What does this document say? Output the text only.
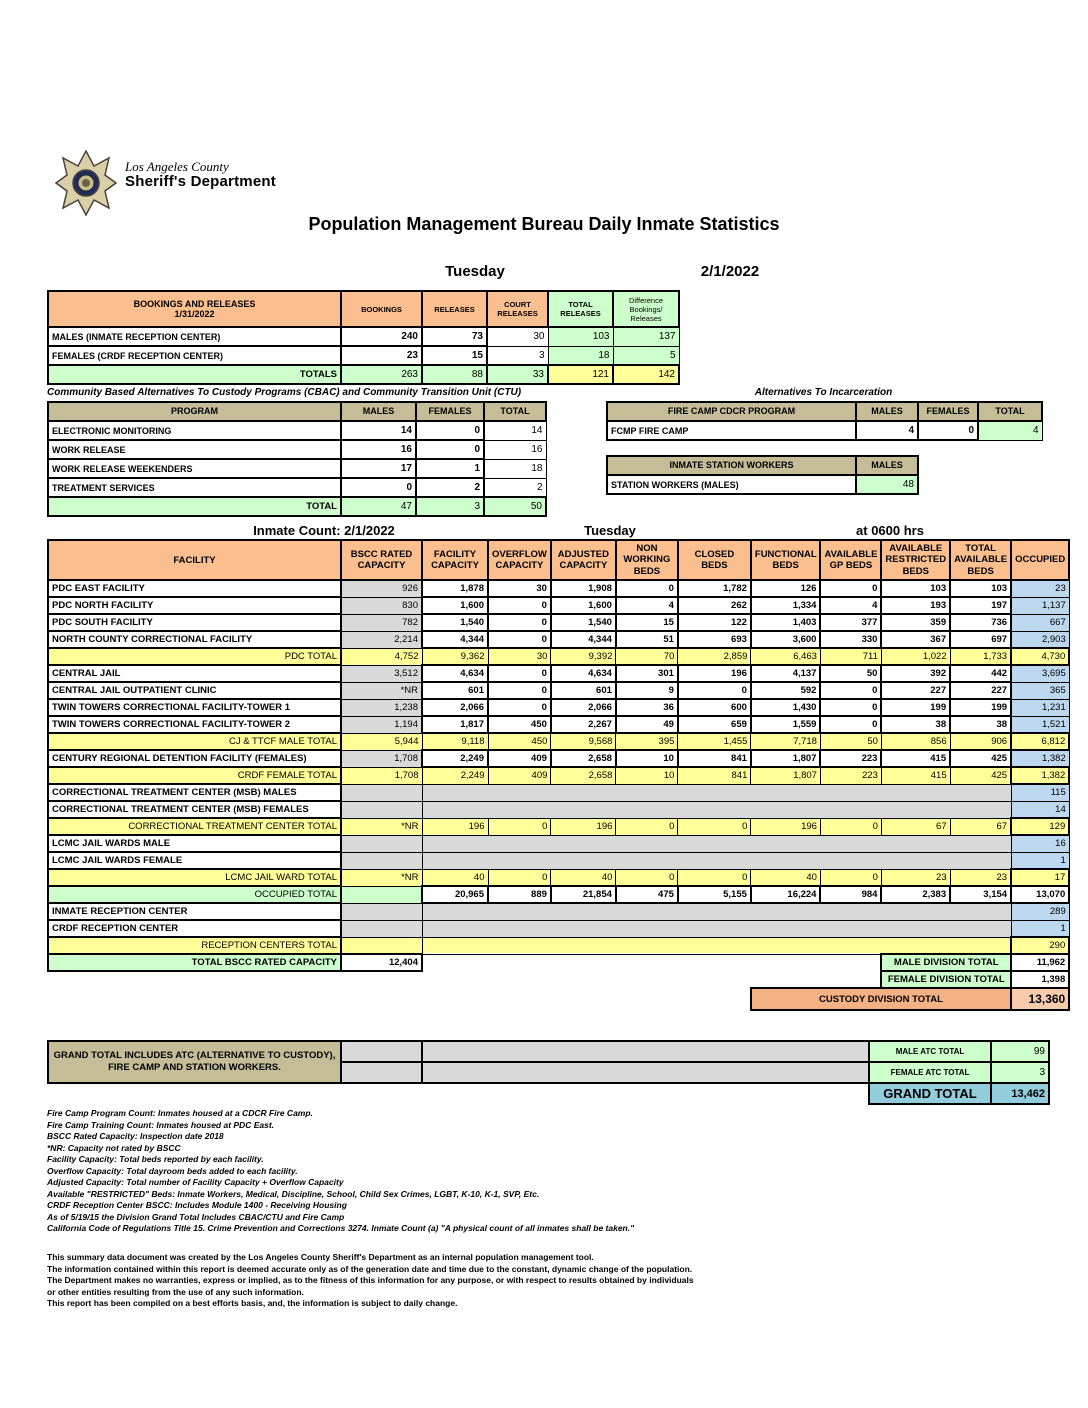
Los Angeles County
Sheriff's Department
Population Management Bureau Daily Inmate Statistics
Tuesday	2/1/2022
BOOKINGS AND RELEASES
1/31/2022	BOOKINGS	RELEASES	COURT RELEASES	TOTAL RELEASES	Difference Bookings/ Releases
MALES (INMATE RECEPTION CENTER)	240	73	30	103	137
FEMALES (CRDF RECEPTION CENTER)	23	15	3	18	5
TOTALS	263	88	33	121	142
Community Based Alternatives To Custody Programs (CBAC) and Community Transition Unit (CTU)
PROGRAM	MALES	FEMALES	TOTAL
ELECTRONIC MONITORING	14	0	14
WORK RELEASE	16	0	16
WORK RELEASE WEEKENDERS	17	1	18
TREATMENT SERVICES	0	2	2
TOTAL	47	3	50
Alternatives To Incarceration
FIRE CAMP CDCR PROGRAM	MALES	FEMALES	TOTAL
FCMP FIRE CAMP	4	0	4
INMATE STATION WORKERS	MALES
STATION WORKERS (MALES)	48
Inmate Count: 2/1/2022	Tuesday	at 0600 hrs
FACILITY	BSCC RATED CAPACITY	FACILITY CAPACITY	OVERFLOW CAPACITY	ADJUSTED CAPACITY	NON WORKING BEDS	CLOSED BEDS	FUNCTIONAL BEDS	AVAILABLE GP BEDS	AVAILABLE RESTRICTED BEDS	TOTAL AVAILABLE BEDS	OCCUPIED
PDC EAST FACILITY	926	1,878	30	1,908	0	1,782	126	0	103	103	23
PDC NORTH FACILITY	830	1,600	0	1,600	4	262	1,334	4	193	197	1,137
PDC SOUTH FACILITY	782	1,540	0	1,540	15	122	1,403	377	359	736	667
NORTH COUNTY CORRECTIONAL FACILITY	2,214	4,344	0	4,344	51	693	3,600	330	367	697	2,903
PDC TOTAL	4,752	9,362	30	9,392	70	2,859	6,463	711	1,022	1,733	4,730
CENTRAL JAIL	3,512	4,634	0	4,634	301	196	4,137	50	392	442	3,695
CENTRAL JAIL OUTPATIENT CLINIC	*NR	601	0	601	9	0	592	0	227	227	365
TWIN TOWERS CORRECTIONAL FACILITY-TOWER 1	1,238	2,066	0	2,066	36	600	1,430	0	199	199	1,231
TWIN TOWERS CORRECTIONAL FACILITY-TOWER 2	1,194	1,817	450	2,267	49	659	1,559	0	38	38	1,521
CJ & TTCF MALE TOTAL	5,944	9,118	450	9,568	395	1,455	7,718	50	856	906	6,812
CENTURY REGIONAL DETENTION FACILITY (FEMALES)	1,708	2,249	409	2,658	10	841	1,807	223	415	425	1,382
CRDF FEMALE TOTAL	1,708	2,249	409	2,658	10	841	1,807	223	415	425	1,382
CORRECTIONAL TREATMENT CENTER (MSB) MALES											115
CORRECTIONAL TREATMENT CENTER (MSB) FEMALES											14
CORRECTIONAL TREATMENT CENTER TOTAL	*NR	196	0	196	0	0	196	0	67	67	129
LCMC JAIL WARDS MALE											16
LCMC JAIL WARDS FEMALE											1
LCMC JAIL WARD TOTAL	*NR	40	0	40	0	0	40	0	23	23	17
OCCUPIED TOTAL		20,965	889	21,854	475	5,155	16,224	984	2,383	3,154	13,070
INMATE RECEPTION CENTER											289
CRDF RECEPTION CENTER											1
RECEPTION CENTERS TOTAL											290
TOTAL BSCC RATED CAPACITY	12,404								MALE DIVISION TOTAL		11,962
									FEMALE DIVISION TOTAL		1,398
							CUSTODY DIVISION TOTAL				13,360
GRAND TOTAL INCLUDES ATC (ALTERNATIVE TO CUSTODY), FIRE CAMP AND STATION WORKERS.			MALE ATC TOTAL	99
			FEMALE ATC TOTAL	3
			GRAND TOTAL	13,462
Fire Camp Program Count: Inmates housed at a CDCR Fire Camp.
Fire Camp Training Count: Inmates housed at PDC East.
BSCC Rated Capacity: Inspection date 2018
*NR: Capacity not rated by BSCC
Facility Capacity: Total beds reported by each facility.
Overflow Capacity: Total dayroom beds added to each facility.
Adjusted Capacity: Total number of Facility Capacity + Overflow Capacity
Available "RESTRICTED" Beds: Inmate Workers, Medical, Discipline, School, Child Sex Crimes, LGBT, K-10, K-1, SVP, Etc.
CRDF Reception Center BSCC: Includes Module 1400 - Receiving Housing
As of 5/19/15 the Division Grand Total Includes CBAC/CTU and Fire Camp
California Code of Regulations Title 15. Crime Prevention and Corrections 3274. Inmate Count (a) "A physical count of all inmates shall be taken."
This summary data document was created by the Los Angeles County Sheriff's Department as an internal population management tool.
The information contained within this report is deemed accurate only as of the generation date and time due to the constant, dynamic change of the population.
The Department makes no warranties, express or implied, as to the fitness of this information for any purpose, or with respect to results obtained by individuals
or other entities resulting from the use of any such information.
This report has been compiled on a best efforts basis, and, the information is subject to daily change.
